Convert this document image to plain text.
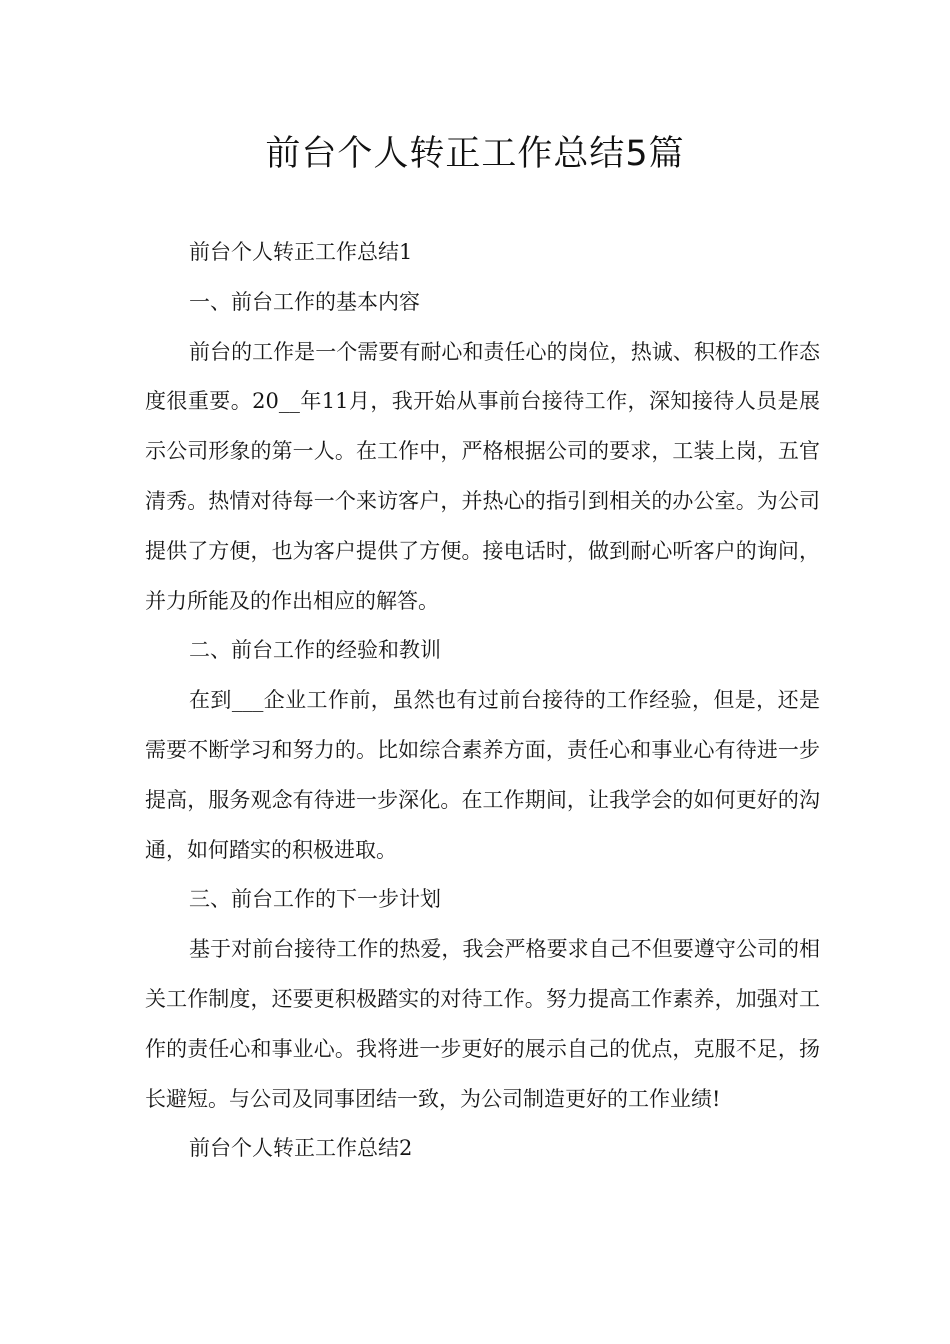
前台个人转正工作总结5篇

前台个人转正工作总结1

一、前台工作的基本内容

前台的工作是一个需要有耐心和责任心的岗位，热诚、积极的工作态度很重要。20__年11月，我开始从事前台接待工作，深知接待人员是展示公司形象的第一人。在工作中，严格根据公司的要求，工装上岗，五官清秀。热情对待每一个来访客户，并热心的指引到相关的办公室。为公司提供了方便，也为客户提供了方便。接电话时，做到耐心听客户的询问，并力所能及的作出相应的解答。

二、前台工作的经验和教训

在到___企业工作前，虽然也有过前台接待的工作经验，但是，还是需要不断学习和努力的。比如综合素养方面，责任心和事业心有待进一步提高，服务观念有待进一步深化。在工作期间，让我学会的如何更好的沟通，如何踏实的积极进取。

三、前台工作的下一步计划

基于对前台接待工作的热爱，我会严格要求自己不但要遵守公司的相关工作制度，还要更积极踏实的对待工作。努力提高工作素养，加强对工作的责任心和事业心。我将进一步更好的展示自己的优点，克服不足，扬长避短。与公司及同事团结一致，为公司制造更好的工作业绩!

前台个人转正工作总结2
